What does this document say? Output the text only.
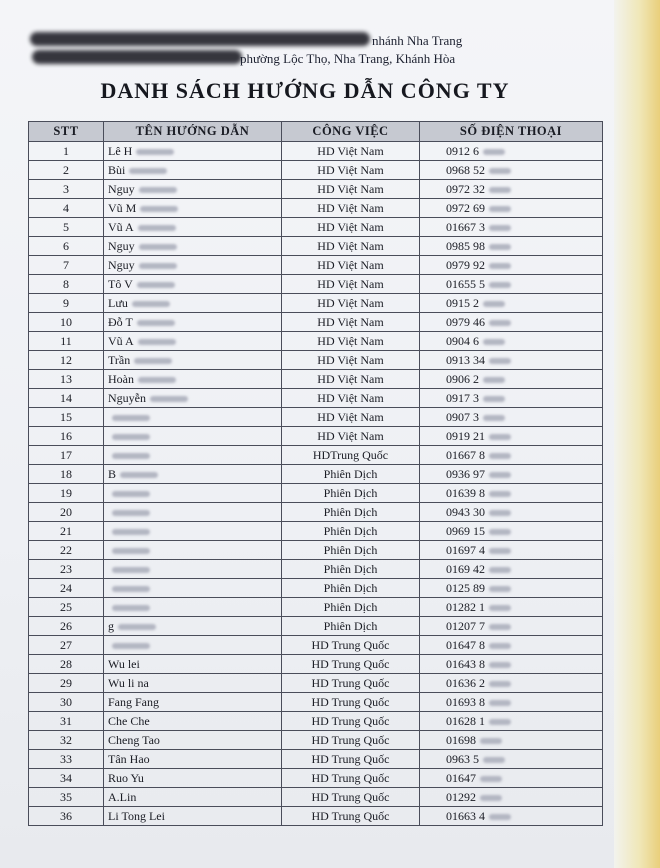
nhánh Nha Trang
phường Lộc Thọ, Nha Trang, Khánh Hòa
DANH SÁCH HƯỚNG DẪN CÔNG TY
STT	TÊN HƯỚNG DẪN	CÔNG VIỆC	SỐ ĐIỆN THOẠI
1	Lê H	HD Việt Nam	0912 6
2	Bùi	HD Việt Nam	0968 52
3	Nguy	HD Việt Nam	0972 32
4	Vũ M	HD Việt Nam	0972 69
5	Vũ A	HD Việt Nam	01667 3
6	Nguy	HD Việt Nam	0985 98
7	Nguy	HD Việt Nam	0979 92
8	Tô V	HD Việt Nam	01655 5
9	Lưu	HD Việt Nam	0915 2
10	Đỗ T	HD Việt Nam	0979 46
11	Vũ A	HD Việt Nam	0904 6
12	Trần	HD Việt Nam	0913 34
13	Hoàn	HD Việt Nam	0906 2
14	Nguyễn	HD Việt Nam	0917 3
15		HD Việt Nam	0907 3
16		HD Việt Nam	0919 21
17		HDTrung Quốc	01667 8
18	B	Phiên Dịch	0936 97
19		Phiên Dịch	01639 8
20		Phiên Dịch	0943 30
21		Phiên Dịch	0969 15
22		Phiên Dịch	01697 4
23		Phiên Dịch	0169 42
24		Phiên Dịch	0125 89
25		Phiên Dịch	01282 1
26	g	Phiên Dịch	01207 7
27		HD Trung Quốc	01647 8
28	Wu lei	HD Trung Quốc	01643 8
29	Wu li na	HD Trung Quốc	01636 2
30	Fang Fang	HD Trung Quốc	01693 8
31	Che Che	HD Trung Quốc	01628 1
32	Cheng Tao	HD Trung Quốc	01698
33	Tân Hao	HD Trung Quốc	0963 5
34	Ruo Yu	HD Trung Quốc	01647
35	A.Lin	HD Trung Quốc	01292
36	Li Tong Lei	HD Trung Quốc	01663 4
